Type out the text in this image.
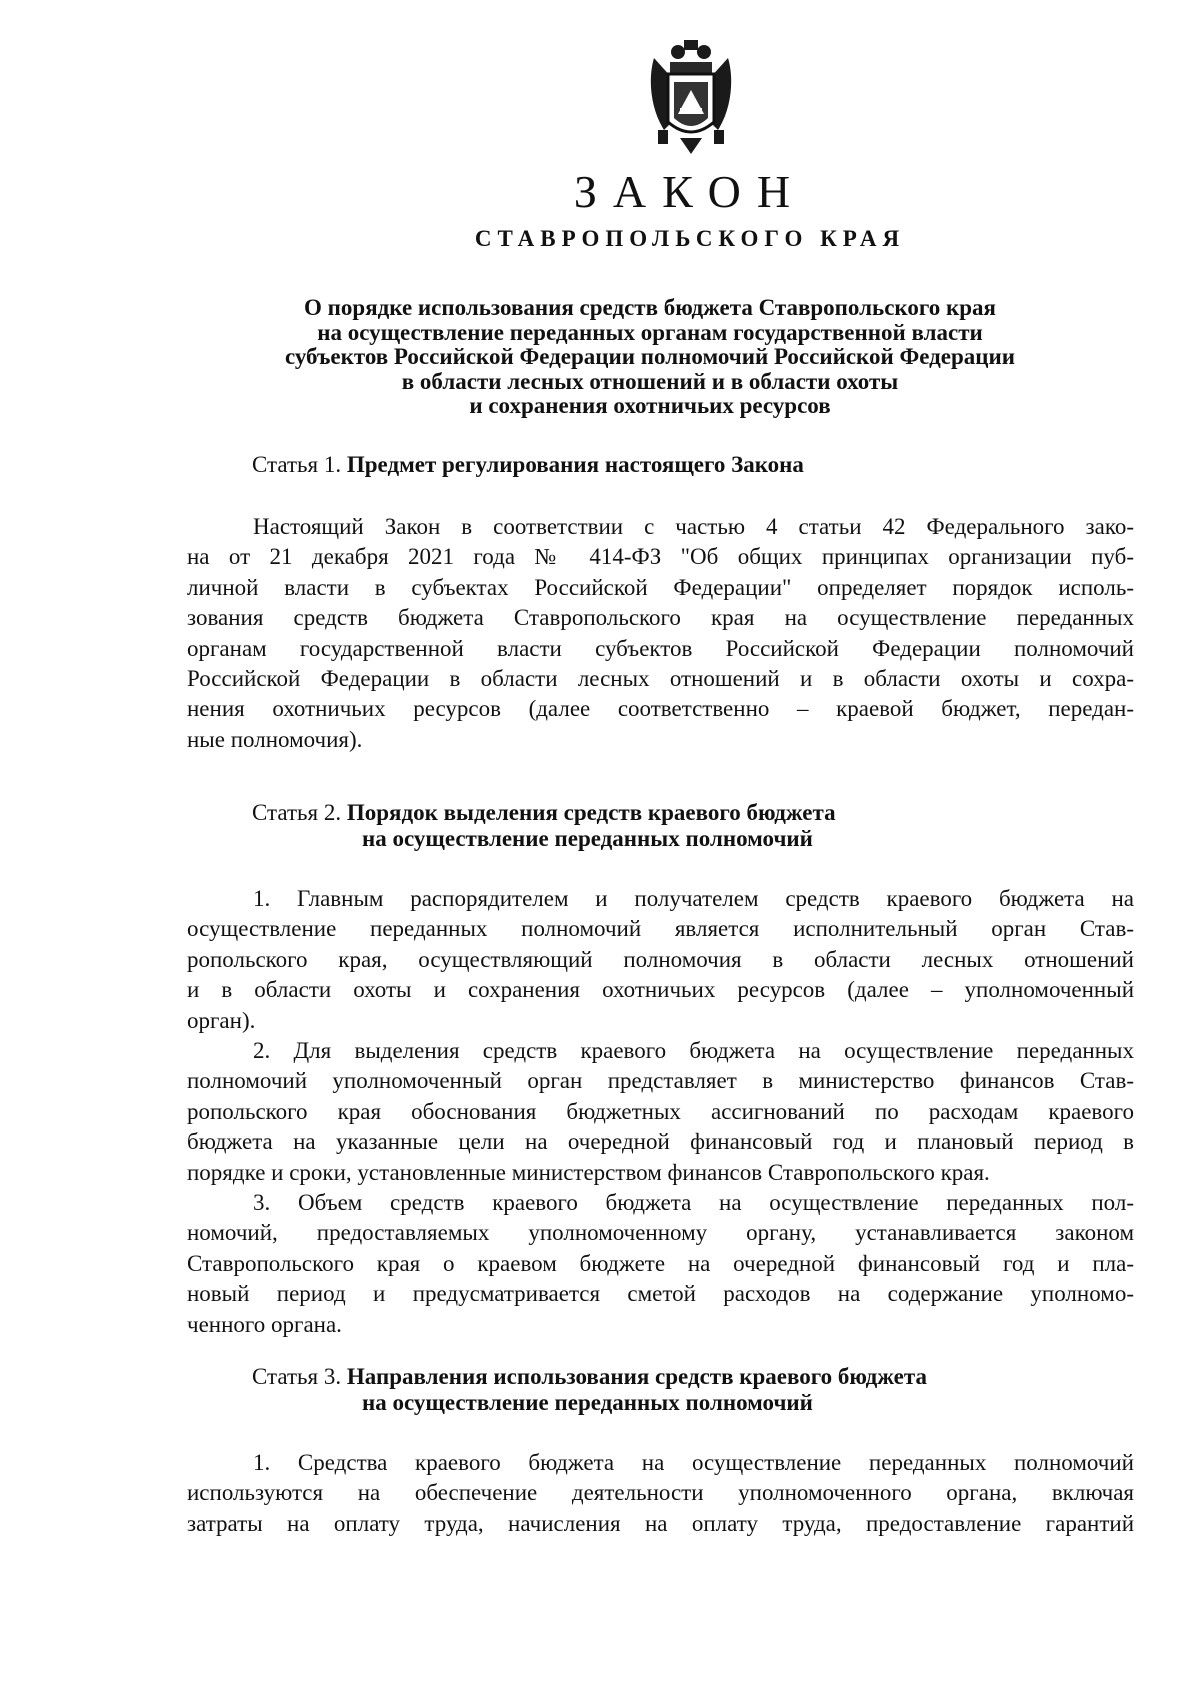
ЗАКОН
СТАВРОПОЛЬСКОГО КРАЯ
О порядке использования средств бюджета Ставропольского края
на осуществление переданных органам государственной власти
субъектов Российской Федерации полномочий Российской Федерации
в области лесных отношений и в области охоты
и сохранения охотничьих ресурсов
Статья 1. Предмет регулирования настоящего Закона
Настоящий Закон в соответствии с частью 4 статьи 42 Федерального зако-
на от 21 декабря 2021 года № 414-ФЗ "Об общих принципах организации пуб-
личной власти в субъектах Российской Федерации" определяет порядок исполь-
зования средств бюджета Ставропольского края на осуществление переданных
органам государственной власти субъектов Российской Федерации полномочий
Российской Федерации в области лесных отношений и в области охоты и сохра-
нения охотничьих ресурсов (далее соответственно – краевой бюджет, передан-
ные полномочия).
Статья 2. Порядок выделения средств краевого бюджета
на осуществление переданных полномочий
1. Главным распорядителем и получателем средств краевого бюджета на
осуществление переданных полномочий является исполнительный орган Став-
ропольского края, осуществляющий полномочия в области лесных отношений
и в области охоты и сохранения охотничьих ресурсов (далее – уполномоченный
орган).
2. Для выделения средств краевого бюджета на осуществление переданных
полномочий уполномоченный орган представляет в министерство финансов Став-
ропольского края обоснования бюджетных ассигнований по расходам краевого
бюджета на указанные цели на очередной финансовый год и плановый период в
порядке и сроки, установленные министерством финансов Ставропольского края.
3. Объем средств краевого бюджета на осуществление переданных пол-
номочий, предоставляемых уполномоченному органу, устанавливается законом
Ставропольского края о краевом бюджете на очередной финансовый год и пла-
новый период и предусматривается сметой расходов на содержание уполномо-
ченного органа.
Статья 3. Направления использования средств краевого бюджета
на осуществление переданных полномочий
1. Средства краевого бюджета на осуществление переданных полномочий
используются на обеспечение деятельности уполномоченного органа, включая
затраты на оплату труда, начисления на оплату труда, предоставление гарантий
